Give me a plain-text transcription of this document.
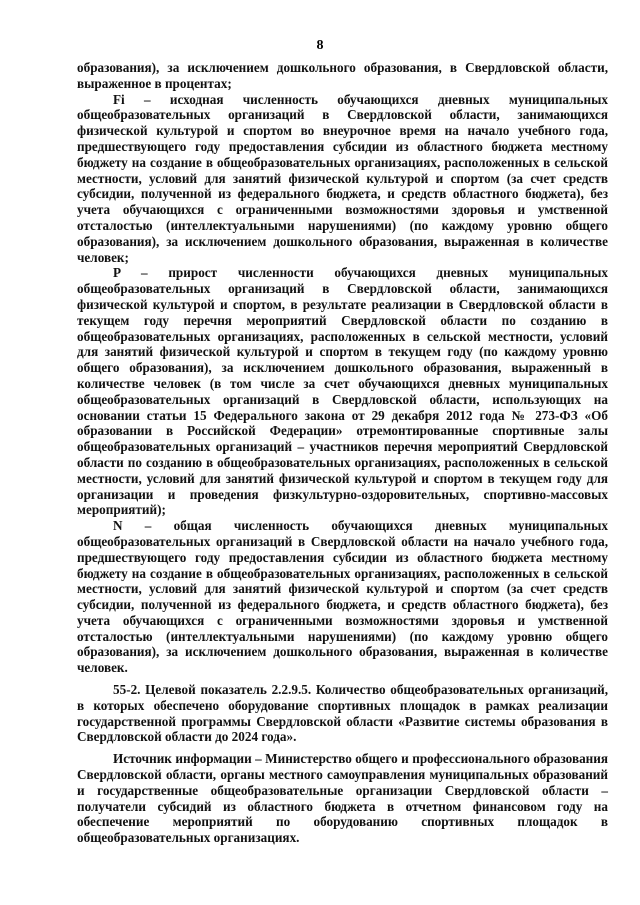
8

образования), за исключением дошкольного образования, в Свердловской области, выраженное в процентах;

Fi – исходная численность обучающихся дневных муниципальных общеобразовательных организаций в Свердловской области, занимающихся физической культурой и спортом во внеурочное время на начало учебного года, предшествующего году предоставления субсидии из областного бюджета местному бюджету на создание в общеобразовательных организациях, расположенных в сельской местности, условий для занятий физической культурой и спортом (за счет средств субсидии, полученной из федерального бюджета, и средств областного бюджета), без учета обучающихся с ограниченными возможностями здоровья и умственной отсталостью (интеллектуальными нарушениями) (по каждому уровню общего образования), за исключением дошкольного образования, выраженная в количестве человек;

P – прирост численности обучающихся дневных муниципальных общеобразовательных организаций в Свердловской области, занимающихся физической культурой и спортом, в результате реализации в Свердловской области в текущем году перечня мероприятий Свердловской области по созданию в общеобразовательных организациях, расположенных в сельской местности, условий для занятий физической культурой и спортом в текущем году (по каждому уровню общего образования), за исключением дошкольного образования, выраженный в количестве человек (в том числе за счет обучающихся дневных муниципальных общеобразовательных организаций в Свердловской области, использующих на основании статьи 15 Федерального закона от 29 декабря 2012 года № 273-ФЗ «Об образовании в Российской Федерации» отремонтированные спортивные залы общеобразовательных организаций – участников перечня мероприятий Свердловской области по созданию в общеобразовательных организациях, расположенных в сельской местности, условий для занятий физической культурой и спортом в текущем году для организации и проведения физкультурно-оздоровительных, спортивно-массовых мероприятий);

N – общая численность обучающихся дневных муниципальных общеобразовательных организаций в Свердловской области на начало учебного года, предшествующего году предоставления субсидии из областного бюджета местному бюджету на создание в общеобразовательных организациях, расположенных в сельской местности, условий для занятий физической культурой и спортом (за счет средств субсидии, полученной из федерального бюджета, и средств областного бюджета), без учета обучающихся с ограниченными возможностями здоровья и умственной отсталостью (интеллектуальными нарушениями) (по каждому уровню общего образования), за исключением дошкольного образования, выраженная в количестве человек.

55-2. Целевой показатель 2.2.9.5. Количество общеобразовательных организаций, в которых обеспечено оборудование спортивных площадок в рамках реализации государственной программы Свердловской области «Развитие системы образования в Свердловской области до 2024 года».

Источник информации – Министерство общего и профессионального образования Свердловской области, органы местного самоуправления муниципальных образований и государственные общеобразовательные организации Свердловской области – получатели субсидий из областного бюджета в отчетном финансовом году на обеспечение мероприятий по оборудованию спортивных площадок в общеобразовательных организациях.
